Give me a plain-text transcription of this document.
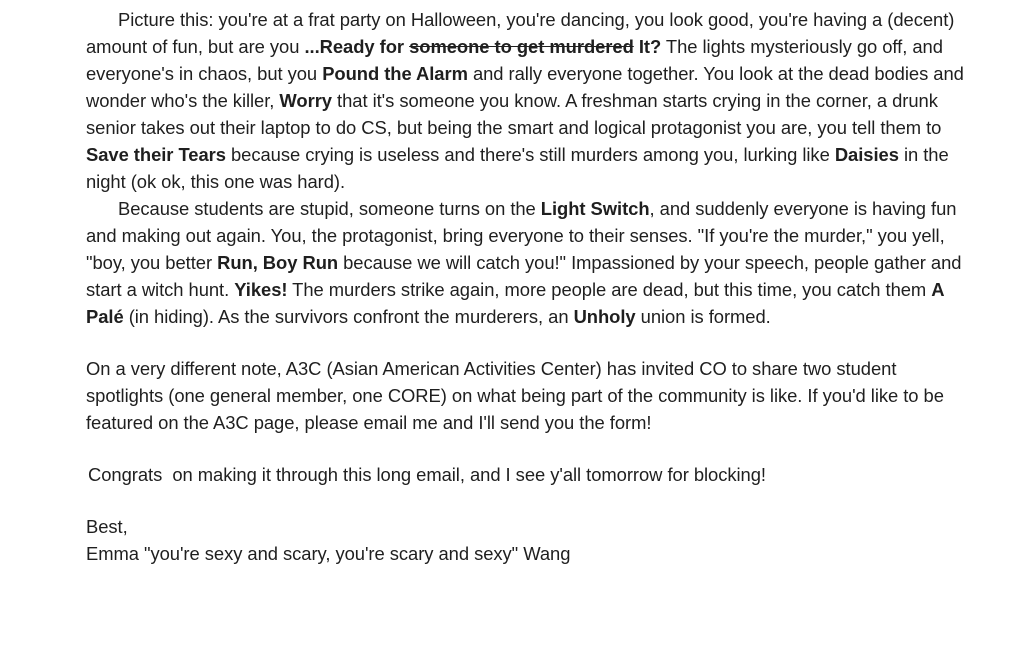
Picture this: you're at a frat party on Halloween, you're dancing, you look good, you're having a (decent) amount of fun, but are you ...Ready for someone to get murdered It? The lights mysteriously go off, and everyone's in chaos, but you Pound the Alarm and rally everyone together. You look at the dead bodies and wonder who's the killer, Worry that it's someone you know. A freshman starts crying in the corner, a drunk senior takes out their laptop to do CS, but being the smart and logical protagonist you are, you tell them to Save their Tears because crying is useless and there's still murders among you, lurking like Daisies in the night (ok ok, this one was hard).

Because students are stupid, someone turns on the Light Switch, and suddenly everyone is having fun and making out again. You, the protagonist, bring everyone to their senses. "If you're the murder," you yell, "boy, you better Run, Boy Run because we will catch you!" Impassioned by your speech, people gather and start a witch hunt. Yikes! The murders strike again, more people are dead, but this time, you catch them A Palé (in hiding). As the survivors confront the murderers, an Unholy union is formed.

On a very different note, A3C (Asian American Activities Center) has invited CO to share two student spotlights (one general member, one CORE) on what being part of the community is like. If you'd like to be featured on the A3C page, please email me and I'll send you the form!

Congrats  on making it through this long email, and I see y'all tomorrow for blocking!

Best,

Emma "you're sexy and scary, you're scary and sexy" Wang
